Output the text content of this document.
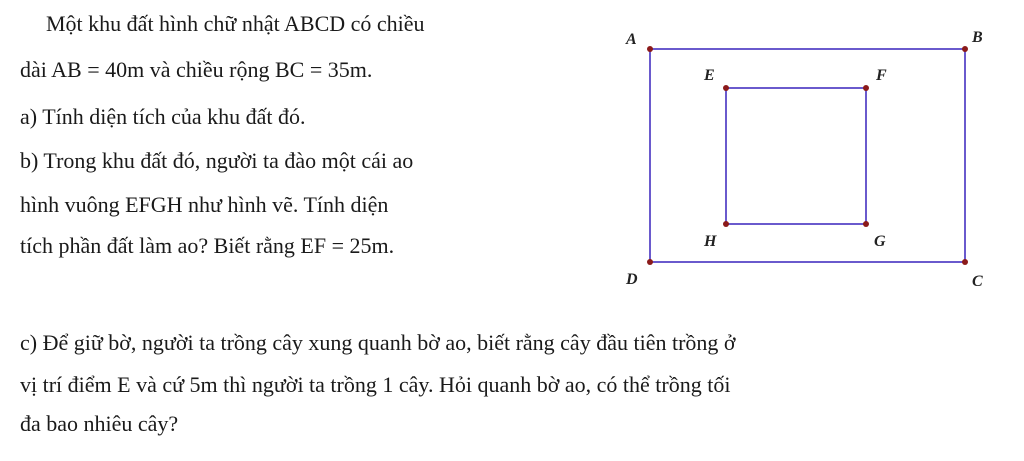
Một khu đất hình chữ nhật ABCD có chiều
dài AB = 40m và chiều rộng BC = 35m.
a) Tính diện tích của khu đất đó.
b) Trong khu đất đó, người ta đào một cái ao
hình vuông EFGH như hình vẽ. Tính diện
tích phần đất làm ao? Biết rằng EF = 25m.
A	B
C
D
E	F
G
H
c) Để giữ bờ, người ta trồng cây xung quanh bờ ao, biết rằng cây đầu tiên trồng ở
vị trí điểm E và cứ 5m thì người ta trồng 1 cây. Hỏi quanh bờ ao, có thể trồng tối
đa bao nhiêu cây?
